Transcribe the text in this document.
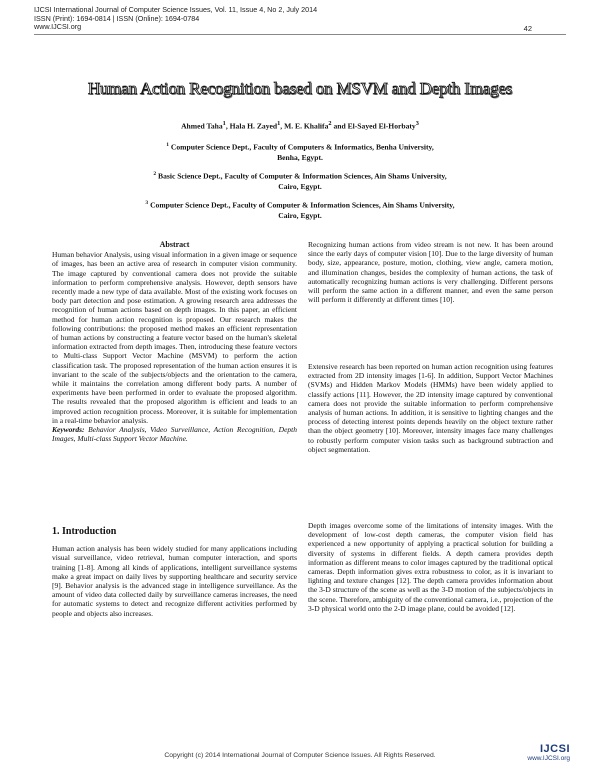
IJCSI International Journal of Computer Science Issues, Vol. 11, Issue 4, No 2, July 2014
ISSN (Print): 1694-0814 | ISSN (Online): 1694-0784
www.IJCSI.org	42
Human Action Recognition based on MSVM and Depth Images
Ahmed Taha$^1$, Hala H. Zayed$^1$, M. E. Khalifa$^2$ and El-Sayed El-Horbaty$^3$
$^1$ Computer Science Dept., Faculty of Computers & Informatics, Benha University,
Benha, Egypt.
$^2$ Basic Science Dept., Faculty of Computer & Information Sciences, Ain Shams University,
Cairo, Egypt.
$^3$ Computer Science Dept., Faculty of Computer & Information Sciences, Ain Shams University,
Cairo, Egypt.
Abstract

Human behavior Analysis, using visual information in a given image or sequence of images, has been an active area of research in computer vision community. The image captured by conventional camera does not provide the suitable information to perform comprehensive analysis. However, depth sensors have recently made a new type of data available. Most of the existing work focuses on body part detection and pose estimation. A growing research area addresses the recognition of human actions based on depth images. In this paper, an efficient method for human action recognition is proposed. Our research makes the following contributions: the proposed method makes an efficient representation of human actions by constructing a feature vector based on the human's skeletal information extracted from depth images. Then, introducing these feature vectors to Multi-class Support Vector Machine (MSVM) to perform the action classification task. The proposed representation of the human action ensures it is invariant to the scale of the subjects/objects and the orientation to the camera, while it maintains the correlation among different body parts. A number of experiments have been performed in order to evaluate the proposed algorithm. The results revealed that the proposed algorithm is efficient and leads to an improved action recognition process. Moreover, it is suitable for implementation in a real-time behavior analysis.

Keywords: Behavior Analysis, Video Surveillance, Action Recognition, Depth Images, Multi-class Support Vector Machine.

1. Introduction

Human action analysis has been widely studied for many applications including visual surveillance, video retrieval, human computer interaction, and sports training [1-8]. Among all kinds of applications, intelligent surveillance systems make a great impact on daily lives by supporting healthcare and security service [9]. Behavior analysis is the advanced stage in intelligence surveillance. As the amount of video data collected daily by surveillance cameras increases, the need for automatic systems to detect and recognize different activities performed by people and objects also increases.

Recognizing human actions from video stream is not new. It has been around since the early days of computer vision [10]. Due to the large diversity of human body, size, appearance, posture, motion, clothing, view angle, camera motion, and illumination changes, besides the complexity of human actions, the task of automatically recognizing human actions is very challenging. Different persons will perform the same action in a different manner, and even the same person will perform it differently at different times [10].

Extensive research has been reported on human action recognition using features extracted from 2D intensity images [1-6]. In addition, Support Vector Machines (SVMs) and Hidden Markov Models (HMMs) have been widely applied to classify actions [11]. However, the 2D intensity image captured by conventional camera does not provide the suitable information to perform comprehensive analysis of human actions. In addition, it is sensitive to lighting changes and the process of detecting interest points depends heavily on the object texture rather than the object geometry [10]. Moreover, intensity images face many challenges to robustly perform computer vision tasks such as background subtraction and object segmentation.

Depth images overcome some of the limitations of intensity images. With the development of low-cost depth cameras, the computer vision field has experienced a new opportunity of applying a practical solution for building a diversity of systems in different fields. A depth camera provides depth information as different means to color images captured by the traditional optical cameras. Depth information gives extra robustness to color, as it is invariant to lighting and texture changes [12]. The depth camera provides information about the 3-D structure of the scene as well as the 3-D motion of the subjects/objects in the scene. Therefore, ambiguity of the conventional camera, i.e., projection of the 3-D physical world onto the 2-D image plane, could be avoided [12].

Copyright (c) 2014 International Journal of Computer Science Issues. All Rights Reserved.
IJCSI
www.IJCSI.org
